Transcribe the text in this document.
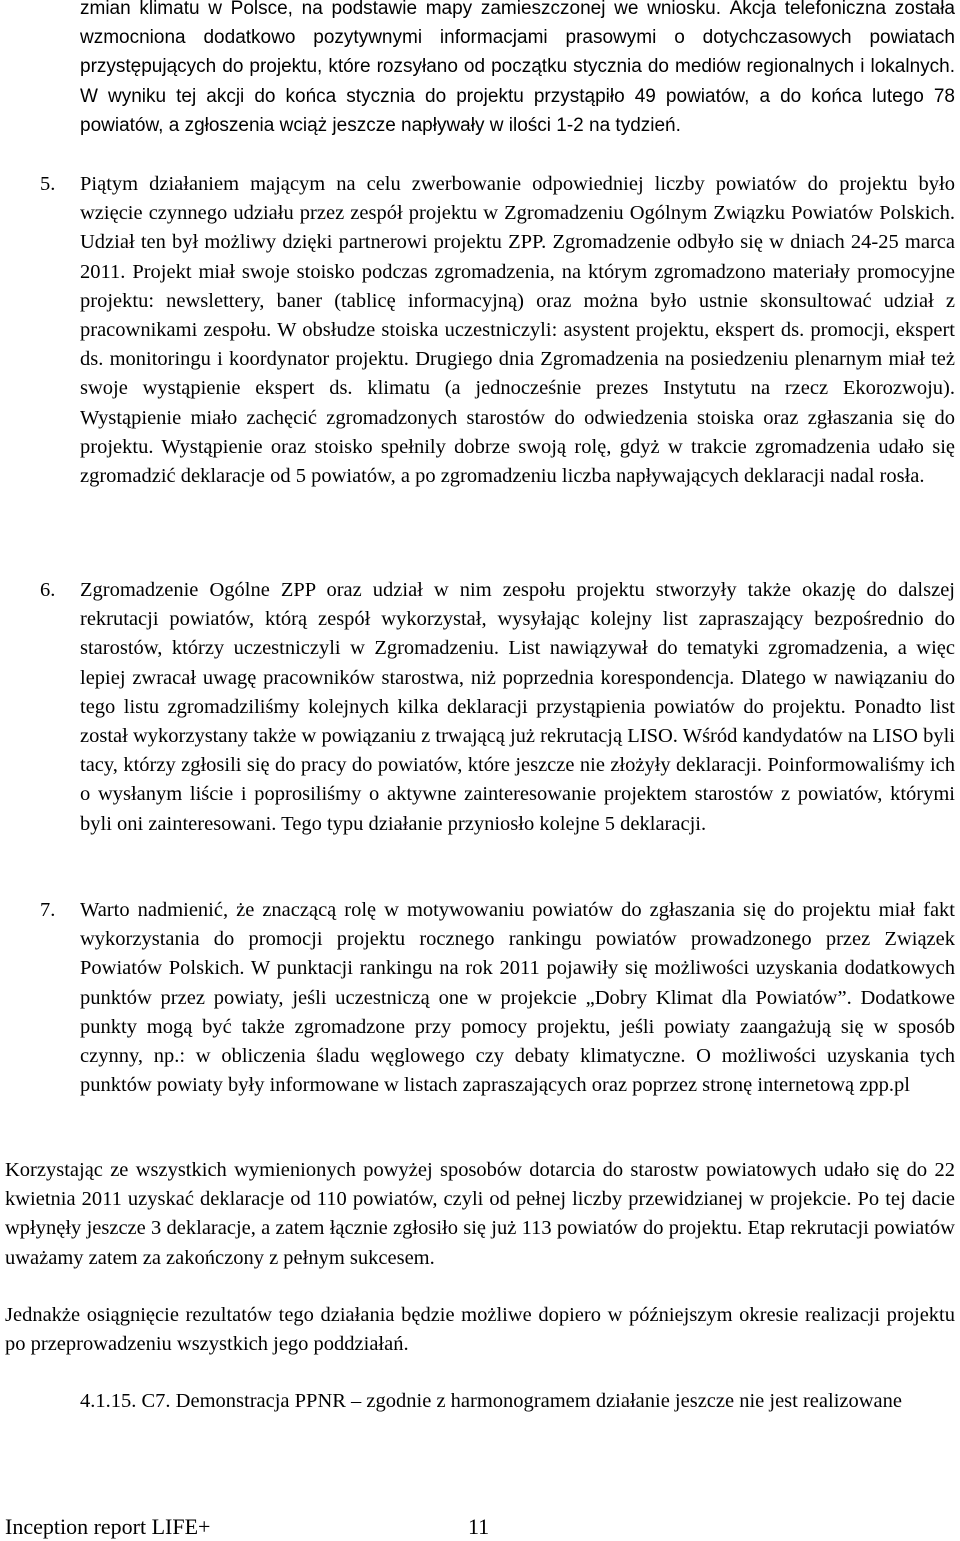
zmian klimatu w Polsce, na podstawie mapy zamieszczonej we wniosku. Akcja telefoniczna została wzmocniona dodatkowo pozytywnymi informacjami prasowymi o dotychczasowych powiatach przystępujących do projektu, które rozsyłano od początku stycznia do mediów regionalnych i lokalnych. W wyniku tej akcji do końca stycznia do projektu przystąpiło 49 powiatów, a do końca lutego 78 powiatów, a zgłoszenia wciąż jeszcze napływały w ilości 1-2 na tydzień.
5. Piątym działaniem mającym na celu zwerbowanie odpowiedniej liczby powiatów do projektu było wzięcie czynnego udziału przez zespół projektu w Zgromadzeniu Ogólnym Związku Powiatów Polskich. Udział ten był możliwy dzięki partnerowi projektu ZPP. Zgromadzenie odbyło się w dniach 24-25 marca 2011. Projekt miał swoje stoisko podczas zgromadzenia, na którym zgromadzono materiały promocyjne projektu: newslettery, baner (tablicę informacyjną) oraz można było ustnie skonsultować udział z pracownikami zespołu. W obsłudze stoiska uczestniczyli: asystent projektu, ekspert ds. promocji, ekspert ds. monitoringu i koordynator projektu. Drugiego dnia Zgromadzenia na posiedzeniu plenarnym miał też swoje wystąpienie ekspert ds. klimatu (a jednocześnie prezes Instytutu na rzecz Ekorozwoju). Wystąpienie miało zachęcić zgromadzonych starostów do odwiedzenia stoiska oraz zgłaszania się do projektu. Wystąpienie oraz stoisko spełnily dobrze swoją rolę, gdyż w trakcie zgromadzenia udało się zgromadzić deklaracje od 5 powiatów, a po zgromadzeniu liczba napływających deklaracji nadal rosła.
6. Zgromadzenie Ogólne ZPP oraz udział w nim zespołu projektu stworzyły także okazję do dalszej rekrutacji powiatów, którą zespół wykorzystał, wysyłając kolejny list zapraszający bezpośrednio do starostów, którzy uczestniczyli w Zgromadzeniu. List nawiązywał do tematyki zgromadzenia, a więc lepiej zwracał uwagę pracowników starostwa, niż poprzednia korespondencja. Dlatego w nawiązaniu do tego listu zgromadziliśmy kolejnych kilka deklaracji przystąpienia powiatów do projektu. Ponadto list został wykorzystany także w powiązaniu z trwającą już rekrutacją LISO. Wśród kandydatów na LISO byli tacy, którzy zgłosili się do pracy do powiatów, które jeszcze nie złożyły deklaracji. Poinformowaliśmy ich o wysłanym liście i poprosiliśmy o aktywne zainteresowanie projektem starostów z powiatów, którymi byli oni zainteresowani. Tego typu działanie przyniosło kolejne 5 deklaracji.
7. Warto nadmienić, że znaczącą rolę w motywowaniu powiatów do zgłaszania się do projektu miał fakt wykorzystania do promocji projektu rocznego rankingu powiatów prowadzonego przez Związek Powiatów Polskich. W punktacji rankingu na rok 2011 pojawiły się możliwości uzyskania dodatkowych punktów przez powiaty, jeśli uczestniczą one w projekcie „Dobry Klimat dla Powiatów”. Dodatkowe punkty mogą być także zgromadzone przy pomocy projektu, jeśli powiaty zaangażują się w sposób czynny, np.: w obliczenia śladu węglowego czy debaty klimatyczne. O możliwości uzyskania tych punktów powiaty były informowane w listach zapraszających oraz poprzez stronę internetową zpp.pl
Korzystając ze wszystkich wymienionych powyżej sposobów dotarcia do starostw powiatowych udało się do 22 kwietnia 2011 uzyskać deklaracje od 110 powiatów, czyli od pełnej liczby przewidzianej w projekcie. Po tej dacie wpłynęły jeszcze 3 deklaracje, a zatem łącznie zgłosiło się już 113 powiatów do projektu. Etap rekrutacji powiatów uważamy zatem za zakończony z pełnym sukcesem.
Jednakże osiągnięcie rezultatów tego działania będzie możliwe dopiero w późniejszym okresie realizacji projektu po przeprowadzeniu wszystkich jego poddziałań.
4.1.15. C7. Demonstracja PPNR – zgodnie z harmonogramem działanie jeszcze nie jest realizowane
Inception report LIFE+	11
